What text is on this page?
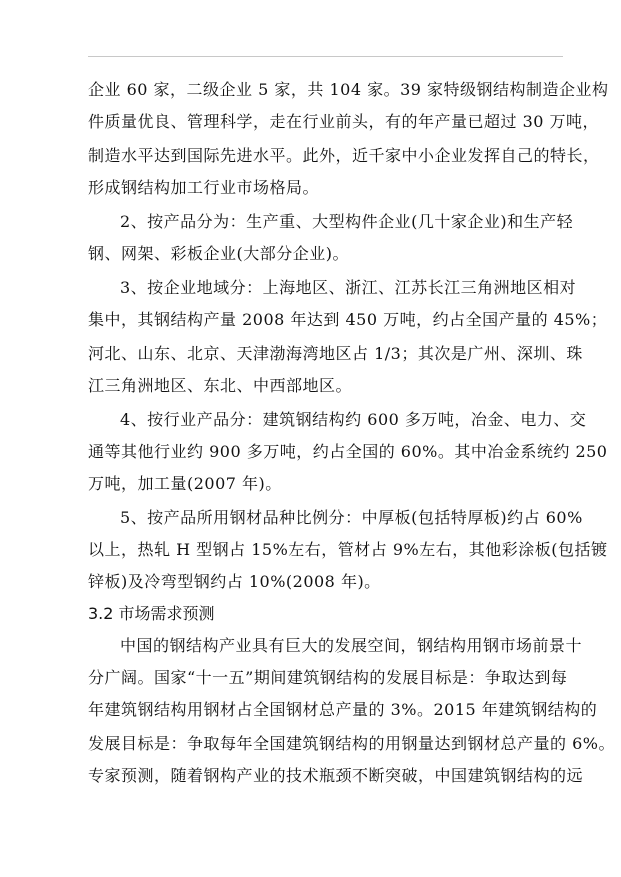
企业 60 家，二级企业 5 家，共 104 家。39 家特级钢结构制造企业构
件质量优良、管理科学，走在行业前头，有的年产量已超过 30 万吨，
制造水平达到国际先进水平。此外，近千家中小企业发挥自己的特长，
形成钢结构加工行业市场格局。
2、按产品分为：生产重、大型构件企业(几十家企业)和生产轻
钢、网架、彩板企业(大部分企业)。
3、按企业地域分：上海地区、浙江、江苏长江三角洲地区相对
集中，其钢结构产量 2008 年达到 450 万吨，约占全国产量的 45%；
河北、山东、北京、天津渤海湾地区占 1/3；其次是广州、深圳、珠
江三角洲地区、东北、中西部地区。
4、按行业产品分：建筑钢结构约 600 多万吨，冶金、电力、交
通等其他行业约 900 多万吨，约占全国的 60%。其中冶金系统约 250
万吨，加工量(2007 年)。
5、按产品所用钢材品种比例分：中厚板(包括特厚板)约占 60%
以上，热轧 H 型钢占 15%左右，管材占 9%左右，其他彩涂板(包括镀
锌板)及冷弯型钢约占 10%(2008 年)。
3.2 市场需求预测
中国的钢结构产业具有巨大的发展空间，钢结构用钢市场前景十
分广阔。国家“十一五”期间建筑钢结构的发展目标是：争取达到每
年建筑钢结构用钢材占全国钢材总产量的 3%。2015 年建筑钢结构的
发展目标是：争取每年全国建筑钢结构的用钢量达到钢材总产量的 6%。
专家预测，随着钢构产业的技术瓶颈不断突破，中国建筑钢结构的远
